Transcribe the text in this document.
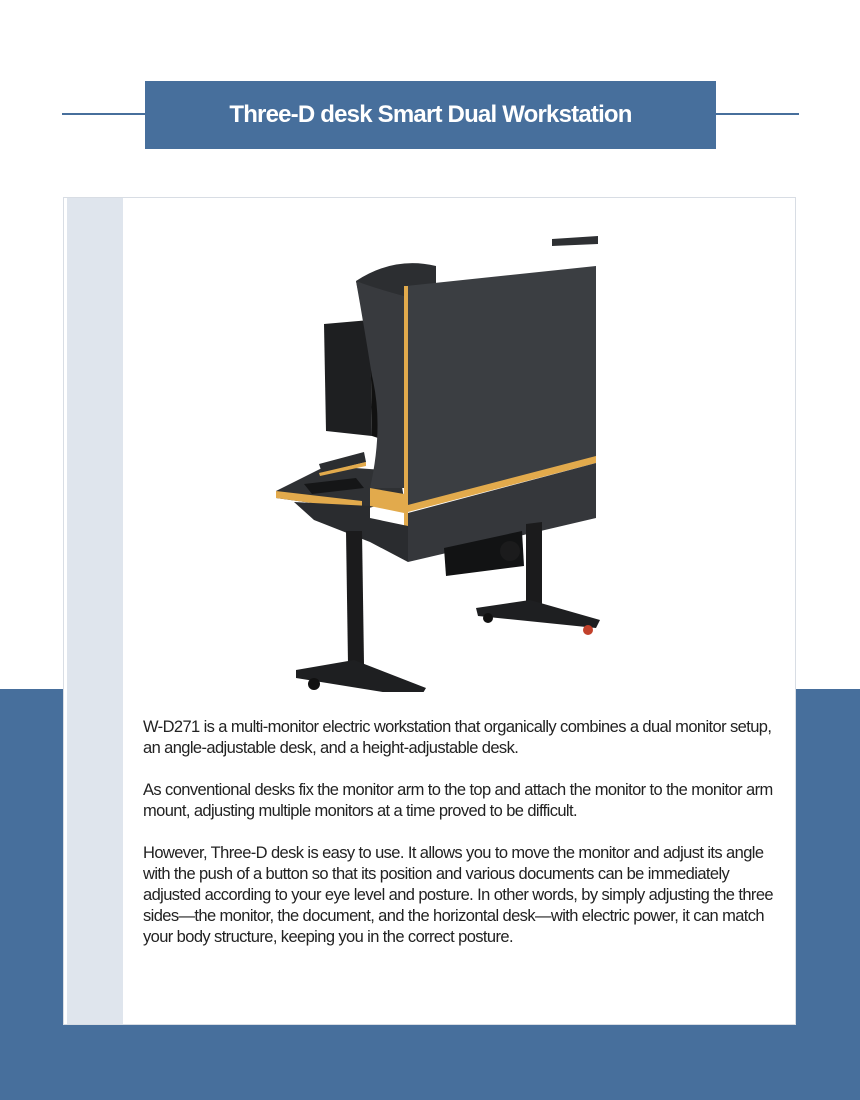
Three-D desk Smart Dual Workstation

W-D271 is a multi-monitor electric workstation that organically combines a dual monitor setup, an angle-adjustable desk, and a height-adjustable desk.

As conventional desks fix the monitor arm to the top and attach the monitor to the monitor arm mount, adjusting multiple monitors at a time proved to be difficult.

However, Three-D desk is easy to use. It allows you to move the monitor and adjust its angle with the push of a button so that its position and various documents can be immediately adjusted according to your eye level and posture. In other words, by simply adjusting the three sides—the monitor, the document, and the horizontal desk—with electric power, it can match your body structure, keeping you in the correct posture.
